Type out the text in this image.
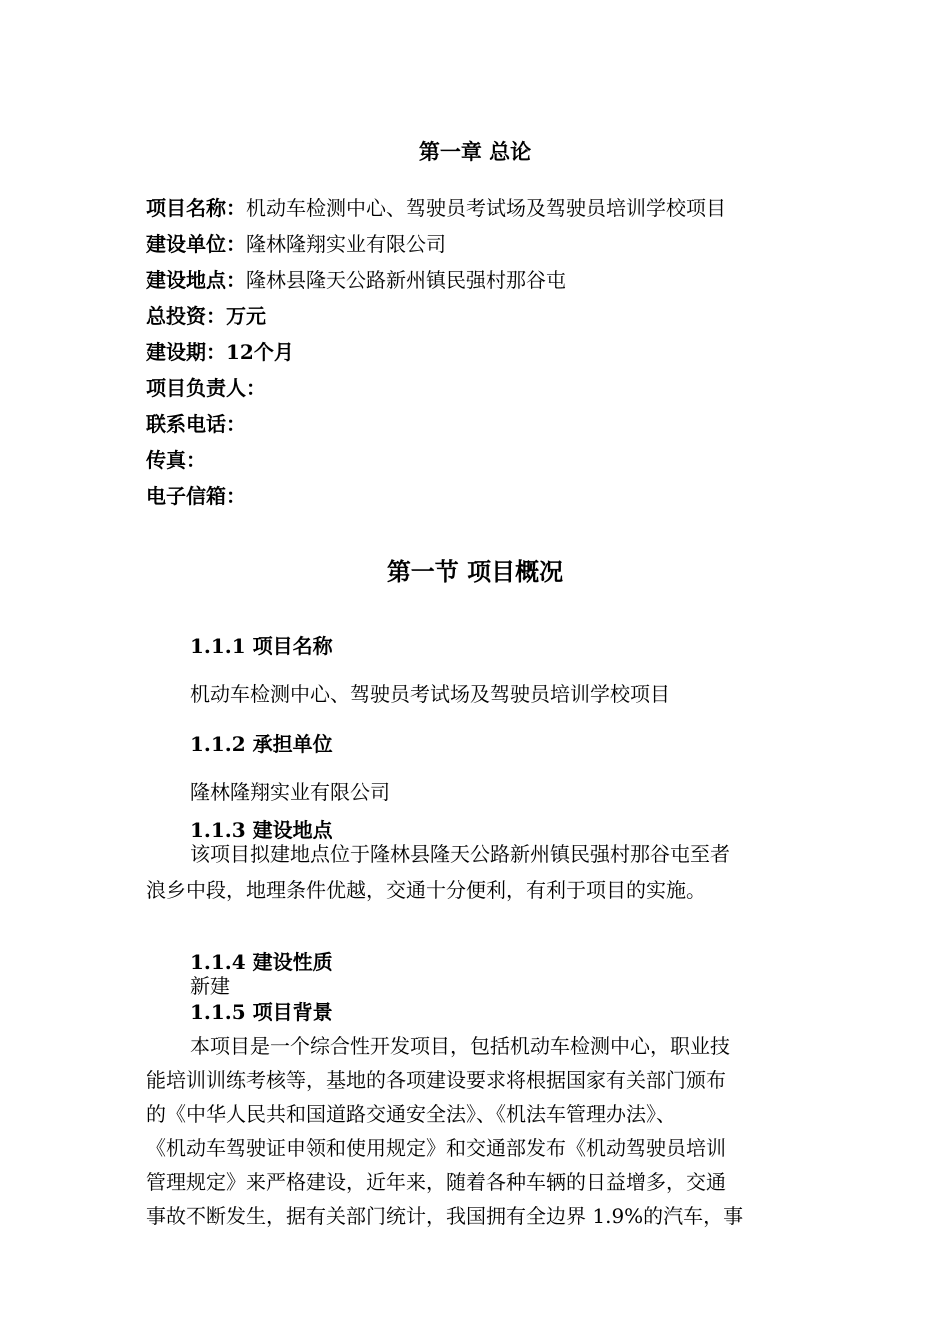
第一章 总论
项目名称：机动车检测中心、驾驶员考试场及驾驶员培训学校项目
建设单位：隆林隆翔实业有限公司
建设地点：隆林县隆天公路新州镇民强村那谷屯
总投资：万元
建设期：12个月
项目负责人：
联系电话：
传真：
电子信箱：
第一节 项目概况
1.1.1 项目名称
机动车检测中心、驾驶员考试场及驾驶员培训学校项目
1.1.2 承担单位
隆林隆翔实业有限公司
1.1.3 建设地点
该项目拟建地点位于隆林县隆天公路新州镇民强村那谷屯至者
浪乡中段，地理条件优越，交通十分便利，有利于项目的实施。
1.1.4 建设性质
新建
1.1.5 项目背景
本项目是一个综合性开发项目，包括机动车检测中心，职业技
能培训训练考核等，基地的各项建设要求将根据国家有关部门颁布
的《中华人民共和国道路交通安全法》、《机法车管理办法》、
《机动车驾驶证申领和使用规定》和交通部发布《机动驾驶员培训
管理规定》来严格建设，近年来，随着各种车辆的日益增多，交通
事故不断发生，据有关部门统计，我国拥有全边界 1.9%的汽车，事
